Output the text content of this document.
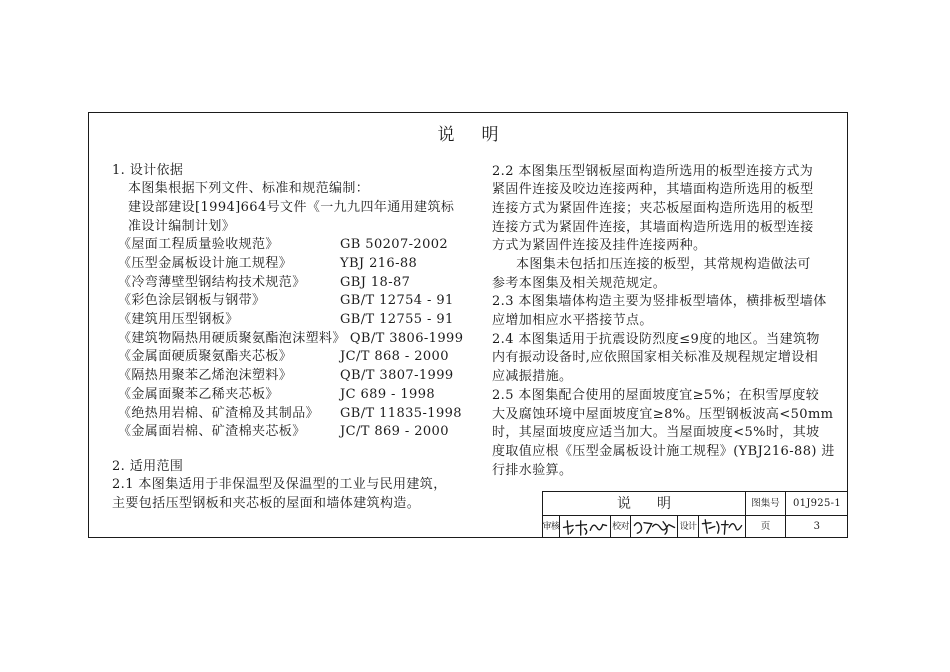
说　明
1. 设计依据
本图集根据下列文件、标准和规范编制：
建设部建设[1994]664号文件《一九九四年通用建筑标
准设计编制计划》
《屋面工程质量验收规范》	GB 50207-2002
《压型金属板设计施工规程》	YBJ 216-88
《冷弯薄壁型钢结构技术规范》	GBJ 18-87
《彩色涂层钢板与钢带》	GB/T 12754 - 91
《建筑用压型钢板》	GB/T 12755 - 91
《建筑物隔热用硬质聚氨酯泡沫塑料》 QB/T 3806-1999
《金属面硬质聚氨酯夹芯板》	JC/T 868 - 2000
《隔热用聚苯乙烯泡沫塑料》	QB/T 3807-1999
《金属面聚苯乙稀夹芯板》	JC 689 - 1998
《绝热用岩棉、矿渣棉及其制品》	GB/T 11835-1998
《金属面岩棉、矿渣棉夹芯板》	JC/T 869 - 2000
2. 适用范围
2.1 本图集适用于非保温型及保温型的工业与民用建筑，
主要包括压型钢板和夹芯板的屋面和墙体建筑构造。
2.2 本图集压型钢板屋面构造所选用的板型连接方式为
紧固件连接及咬边连接两种，其墙面构造所选用的板型
连接方式为紧固件连接；夹芯板屋面构造所选用的板型
连接方式为紧固件连接，其墙面构造所选用的板型连接
方式为紧固件连接及挂件连接两种。
本图集未包括扣压连接的板型，其常规构造做法可
参考本图集及相关规范规定。
2.3 本图集墙体构造主要为竖排板型墙体，横排板型墙体
应增加相应水平搭接节点。
2.4 本图集适用于抗震设防烈度≤9度的地区。当建筑物
内有振动设备时,应依照国家相关标准及规程规定增设相
应减振措施。
2.5 本图集配合使用的屋面坡度宜≥5%；在积雪厚度较
大及腐蚀环境中屋面坡度宜≥8%。压型钢板波高<50mm
时，其屋面坡度应适当加大。当屋面坡度<5%时，其坡
度取值应根《压型金属板设计施工规程》(YBJ216-88) 进
行排水验算。
说　明	图集号	01J925-1
审核	校对	设计	页	3
